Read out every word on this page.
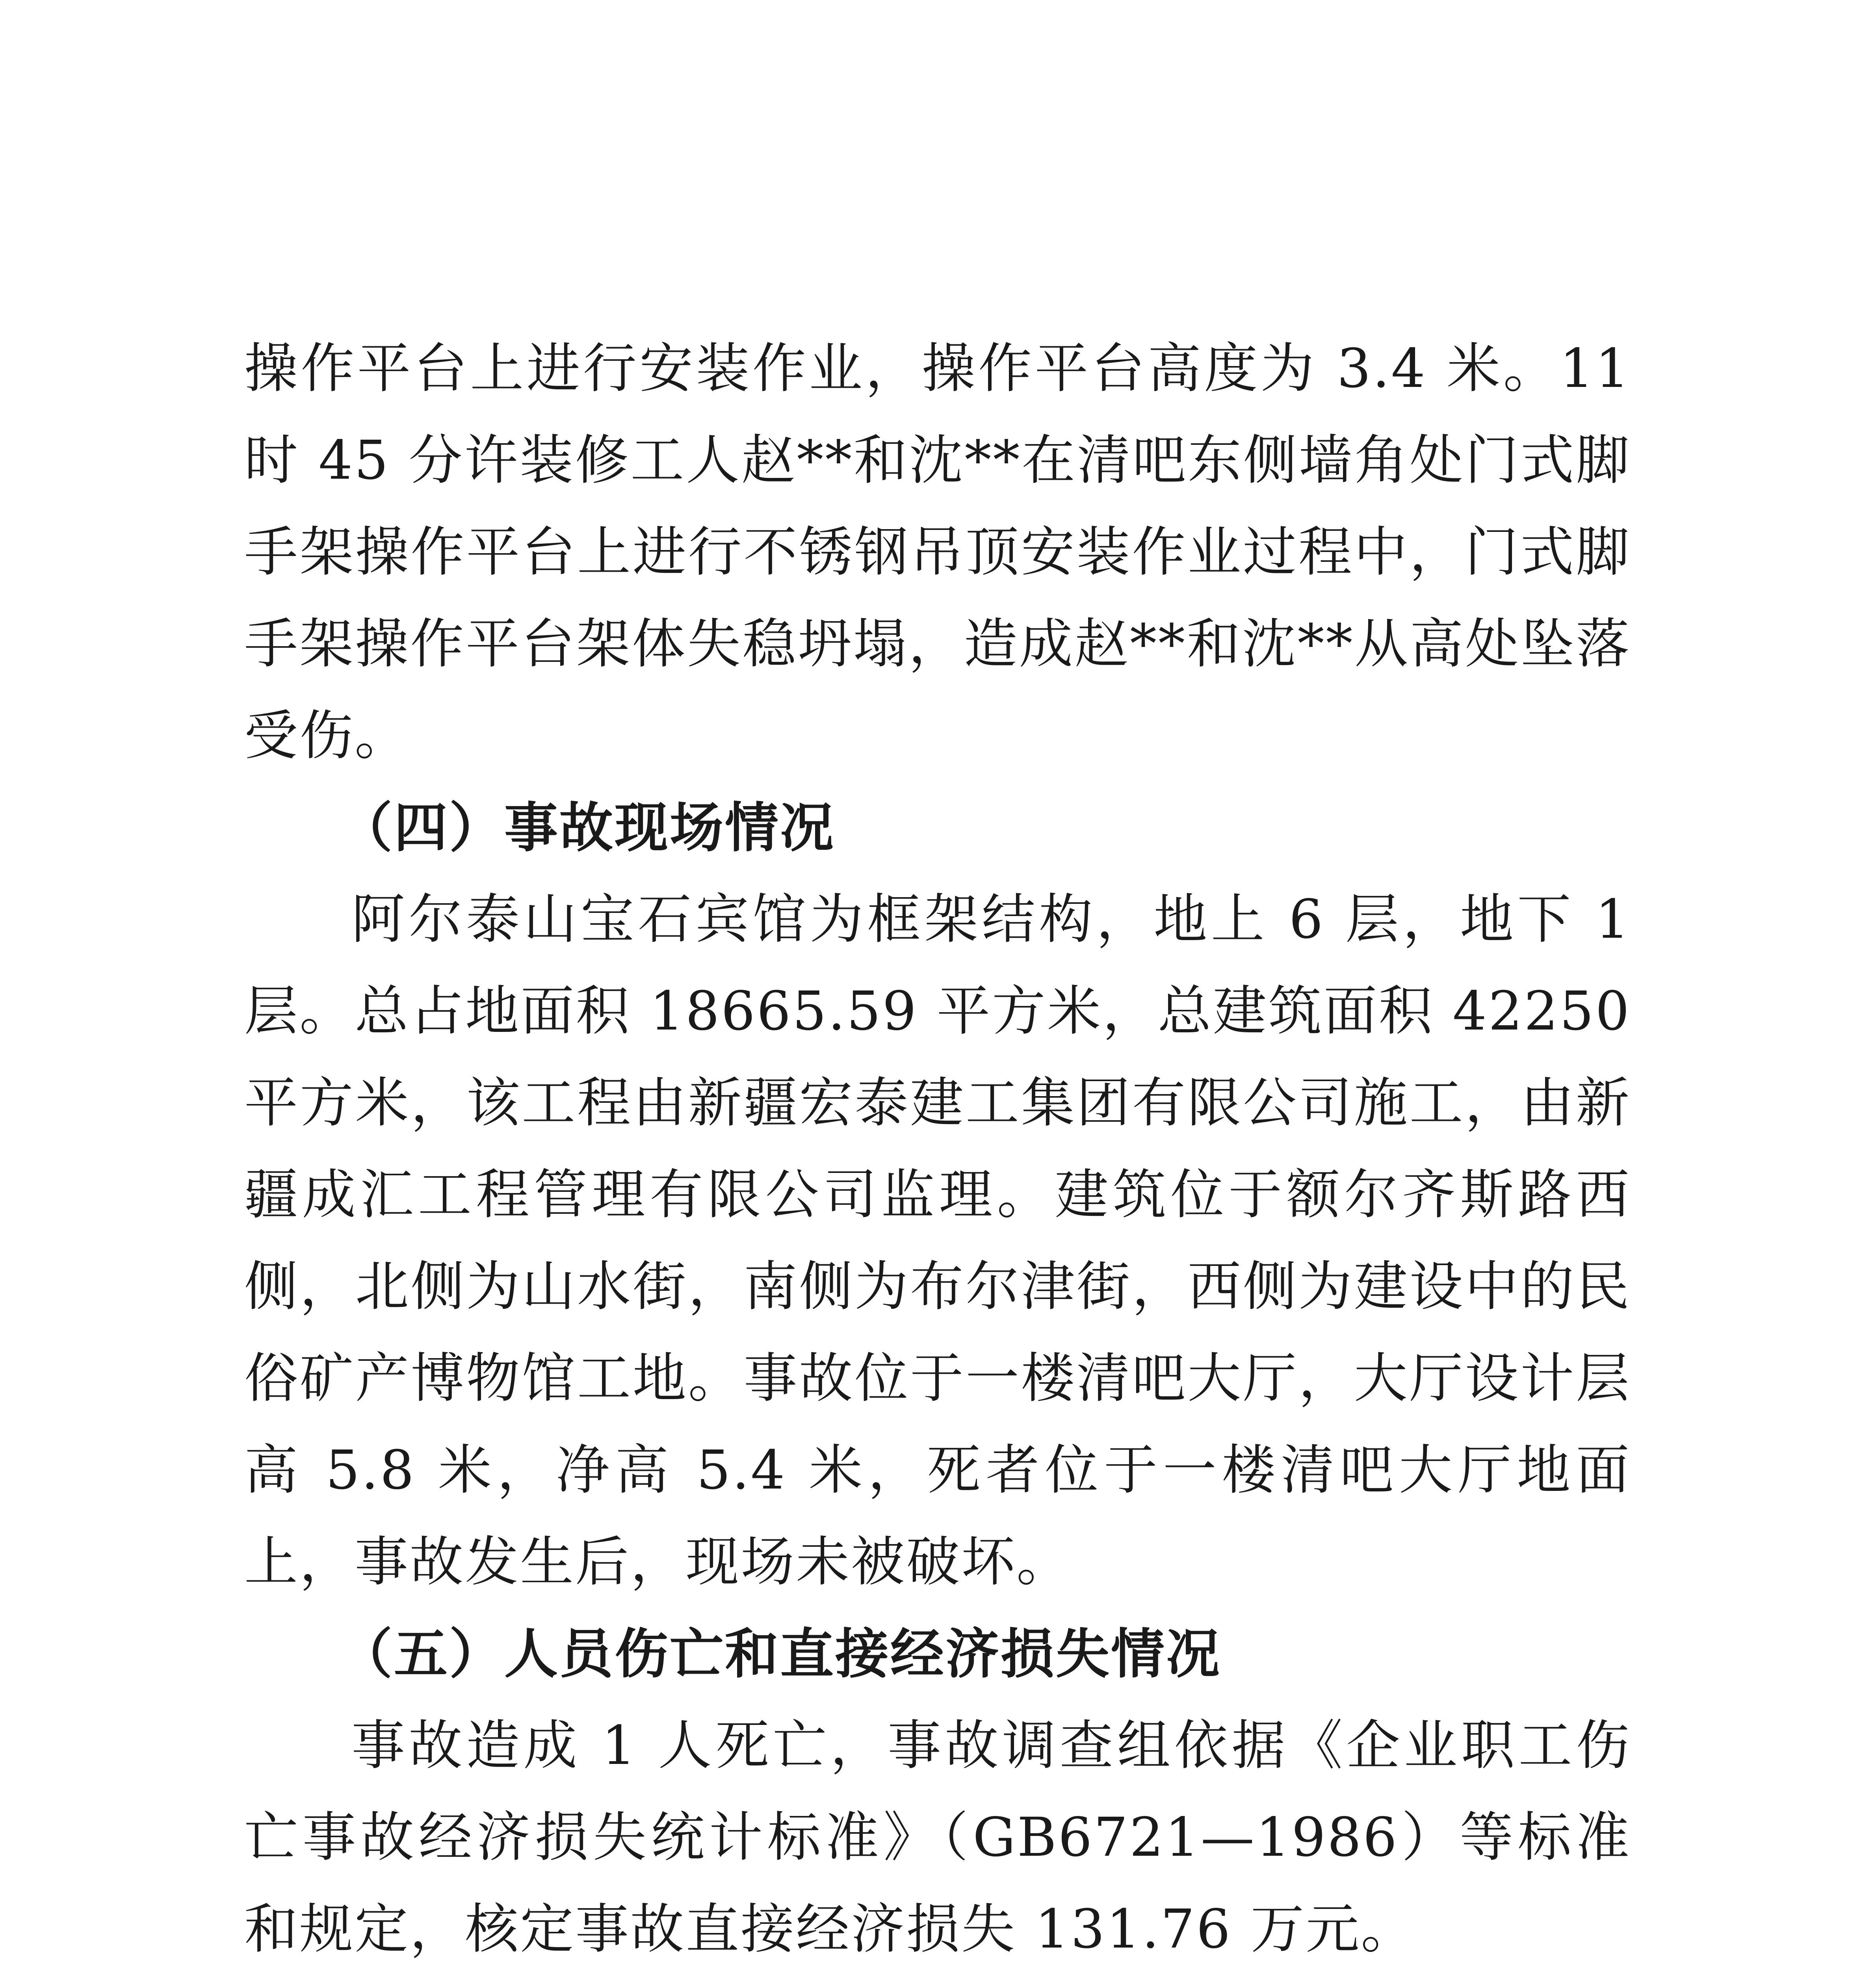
操作平台上进行安装作业，操作平台高度为 3.4 米。11 时 45 分许装修工人赵**和沈**在清吧东侧墙角处门式脚手架操作平台上进行不锈钢吊顶安装作业过程中，门式脚手架操作平台架体失稳坍塌，造成赵**和沈**从高处坠落受伤。

（四）事故现场情况

阿尔泰山宝石宾馆为框架结构，地上 6 层，地下 1 层。总占地面积 18665.59 平方米，总建筑面积 42250 平方米，该工程由新疆宏泰建工集团有限公司施工，由新疆成汇工程管理有限公司监理。建筑位于额尔齐斯路西侧，北侧为山水街，南侧为布尔津街，西侧为建设中的民俗矿产博物馆工地。事故位于一楼清吧大厅，大厅设计层高 5.8 米，净高 5.4 米，死者位于一楼清吧大厅地面上，事故发生后，现场未被破坏。

（五）人员伤亡和直接经济损失情况

事故造成 1 人死亡，事故调查组依据《企业职工伤亡事故经济损失统计标准》（GB6721—1986）等标准和规定，核定事故直接经济损失 131.76 万元。
